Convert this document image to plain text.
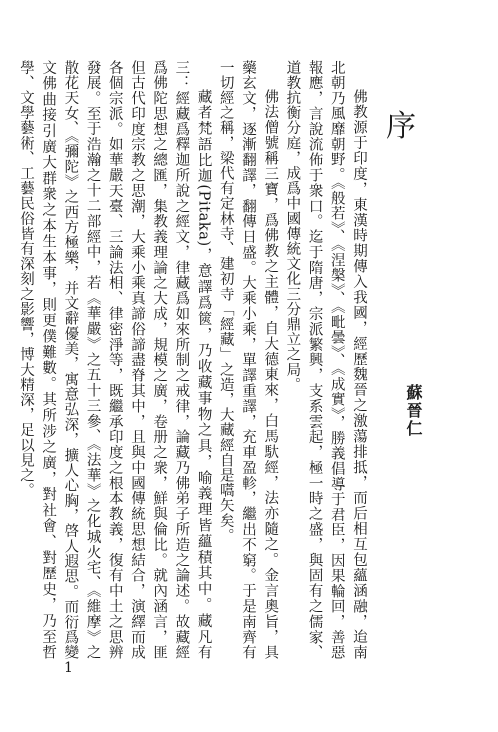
序
蘇晉仁

佛教源于印度，東漢時期傳入我國，經歷魏晉之激蕩排抵，而后相互包蘊涵融，迨南北朝乃風靡朝野。《般若》、《涅槃》、《毗曇》、《成實》，勝義倡導于君臣，因果輪回，善惡報應，言說流佈于衆口。迄于隋唐，宗派繁興，支系雲起，極一時之盛，與固有之儒家、道教抗衡分庭，成爲中國傳統文化三分鼎立之局。

佛法僧號稱三寶，爲佛教之主體，自大德東來，白馬馱經，法亦隨之。金言奧旨，具藥玄文，逐漸翻譯，翻傳日盛。大乘小乘，單譯重譯，充車盈軫，繼出不窮。于是南齊有一切經之稱，梁代有定林寺、建初寺「經藏」之造，大藏經自是嚆矢矣。

藏者梵語比迦(Pitaka)，意譯爲篋，乃收藏事物之具，喻義理皆蘊積其中。藏凡有三：經藏爲釋迦所說之經文，律藏爲如來所制之戒律，論藏乃佛弟子所造之論述。故藏經爲佛陀思想之總匯，集教義理論之大成，規模之廣，卷册之衆，鮮與倫比。就內涵言，匪但古代印度宗教之思潮，大乘小乘真諦俗諦盡脊其中，且與中國傳統思想結合，演繹而成各個宗派。如華嚴天臺、三論法相、律密淨等，既繼承印度之根本教義，復有中土之思辨發展。至于浩瀚之十二部經中，若《華嚴》之五十三參、《法華》之化城火宅、《維摩》之散花天女、《彌陀》之西方極樂，并文辭優美，寓意弘深，擴人心胸，啓人遐思。而衍爲變文佛曲接引廣大群衆之本生本事，則更僕難數。其所涉之廣，對社會、對歷史，乃至哲學、文學藝術、工藝民俗皆有深刻之影響，博大精深，足以見之。

1
